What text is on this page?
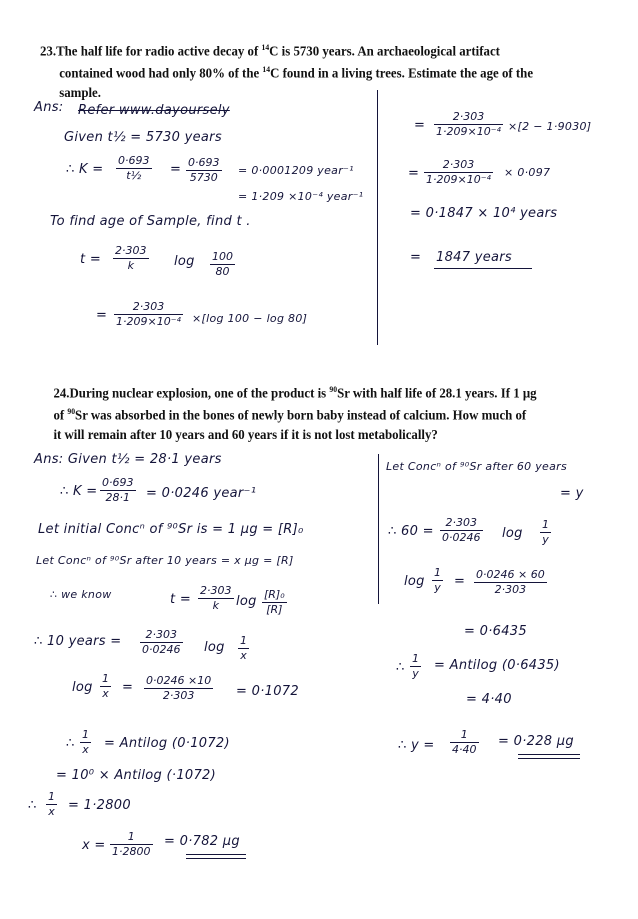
23.The half life for radio active decay of $^{14}$C is 5730 years. An archaeological artifact
contained wood had only 80% of the $^{14}$C found in a living trees. Estimate the age of the
sample.
Ans: Refer www.dayoursely
Given t½ = 5730 years
∴ $K = \frac{0\cdot 693}{\text{t½}} = \frac{0\cdot 693}{5730} = 0\cdot 0001209$ year⁻¹
= 1·209 ×10⁻⁴ year⁻¹
To find age of Sample, find t .
$t = \frac{2\cdot 303}{k}$ $\log \frac{100}{80}$
= $\frac{2\cdot 303}{\text{1·209×10⁻⁴}} \times[\log$ 100 − log 80]
= $\frac{2\cdot 303}{\text{1·209×10⁻⁴}} \times[2 - 1\cdot 9030]$
= $\frac{2\cdot 303}{\text{1·209×10⁻⁴}} \times 0\cdot 097$
= 0·1847 × 10⁴ years
= 1847 years
24.During nuclear explosion, one of the product is $^{90}$Sr with half life of 28.1 years. If 1 μg
of $^{90}$Sr was absorbed in the bones of newly born baby instead of calcium. How much of
it will remain after 10 years and 60 years if it is not lost metabolically?
Ans: Given t½ = 28·1 years
∴ $K = \frac{0\cdot 693}{28\cdot 1} = 0\cdot 0246$ year⁻¹
Let initial Concⁿ of ⁹⁰Sr is = 1 μg = [R]₀
Let Concⁿ of ⁹⁰Sr after 10 years = x μg = [R]
∴ we know	$t = \frac{2\cdot 303}{k}$ $\log \frac{\text{[R]₀}}{[R]}$
∴ 10 years = $\frac{2\cdot 303}{0\cdot 0246}$ $\log \frac{1}{x}$
$\log \frac{1}{x} = \frac{0\cdot 0246 \times 10}{2\cdot 303} = 0\cdot 1072$
∴ $\frac{1}{x}$ = Antilog (0·1072)
= 10⁰ × Antilog (·1072)
∴ $\frac{1}{x} = 1\cdot 2800$
$x = \frac{1}{1\cdot 2800} = 0\cdot 782$ μg
Let Concⁿ of ⁹⁰Sr after 60 years
= y
∴ $60 = \frac{2\cdot 303}{0\cdot 0246}$ $\log \frac{1}{y}$
$\log \frac{1}{y} = \frac{0\cdot 0246 \times 60}{2\cdot 303}$
= 0·6435
∴ $\frac{1}{y}$ = Antilog (0·6435)
= 4·40
∴ $y = \frac{1}{4\cdot 40} = 0\cdot 228$ μg
